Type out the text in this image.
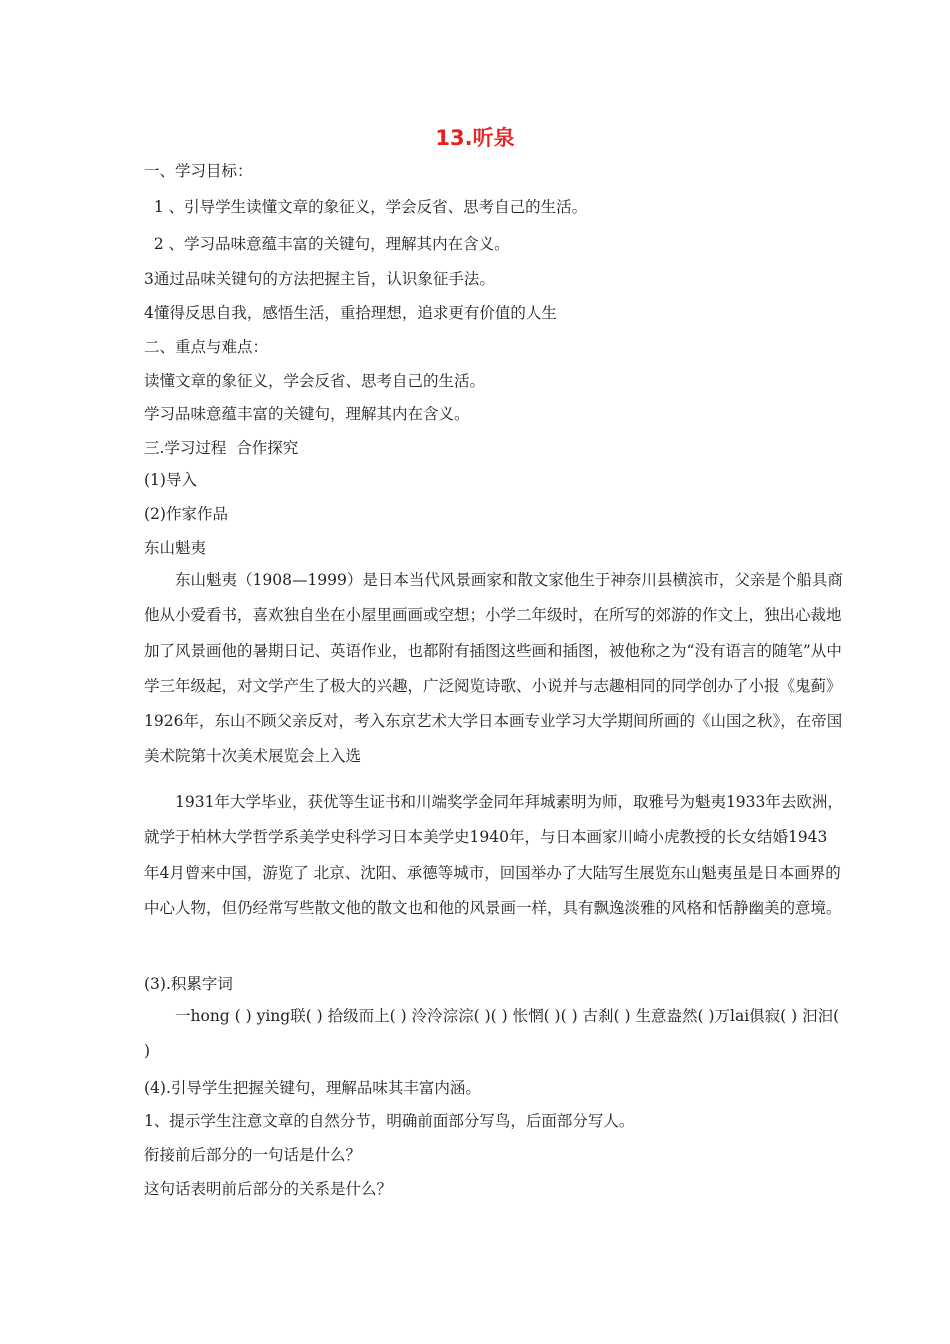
13.听泉
一、学习目标：
1 、引导学生读懂文章的象征义，学会反省、思考自己的生活。
2 、学习品味意蕴丰富的关键句，理解其内在含义。
3通过品味关键句的方法把握主旨，认识象征手法。
4懂得反思自我，感悟生活，重拾理想，追求更有价值的人生
二、重点与难点：
读懂文章的象征义，学会反省、思考自己的生活。
学习品味意蕴丰富的关键句，理解其内在含义。
三.学习过程  合作探究
(1)导入
(2)作家作品
东山魁夷
东山魁夷（1908—1999）是日本当代风景画家和散文家他生于神奈川县横滨市，父亲是个船具商他从小爱看书，喜欢独自坐在小屋里画画或空想；小学二年级时，在所写的郊游的作文上，独出心裁地加了风景画他的暑期日记、英语作业，也都附有插图这些画和插图，被他称之为“没有语言的随笔”从中学三年级起，对文学产生了极大的兴趣，广泛阅览诗歌、小说并与志趣相同的同学创办了小报《鬼蓟》1926年，东山不顾父亲反对，考入东京艺术大学日本画专业学习大学期间所画的《山国之秋》，在帝国美术院第十次美术展览会上入选
1931年大学毕业，获优等生证书和川端奖学金同年拜城素明为师，取雅号为魁夷1933年去欧洲，就学于柏林大学哲学系美学史科学习日本美学史1940年，与日本画家川崎小虎教授的长女结婚1943 年4月曾来中国，游览了 北京、沈阳、承德等城市，回国举办了大陆写生展览东山魁夷虽是日本画界的中心人物，但仍经常写些散文他的散文也和他的风景画一样，具有飘逸淡雅的风格和恬静幽美的意境。
(3).积累字词
一hong ( ) ying联( ) 拾级而上( ) 泠泠淙淙( )( ) 怅惘( )( ) 古刹( ) 生意盎然( )万lai俱寂( ) 汩汩( )
(4).引导学生把握关键句，理解品味其丰富内涵。
1、提示学生注意文章的自然分节，明确前面部分写鸟，后面部分写人。
衔接前后部分的一句话是什么？
这句话表明前后部分的关系是什么？
